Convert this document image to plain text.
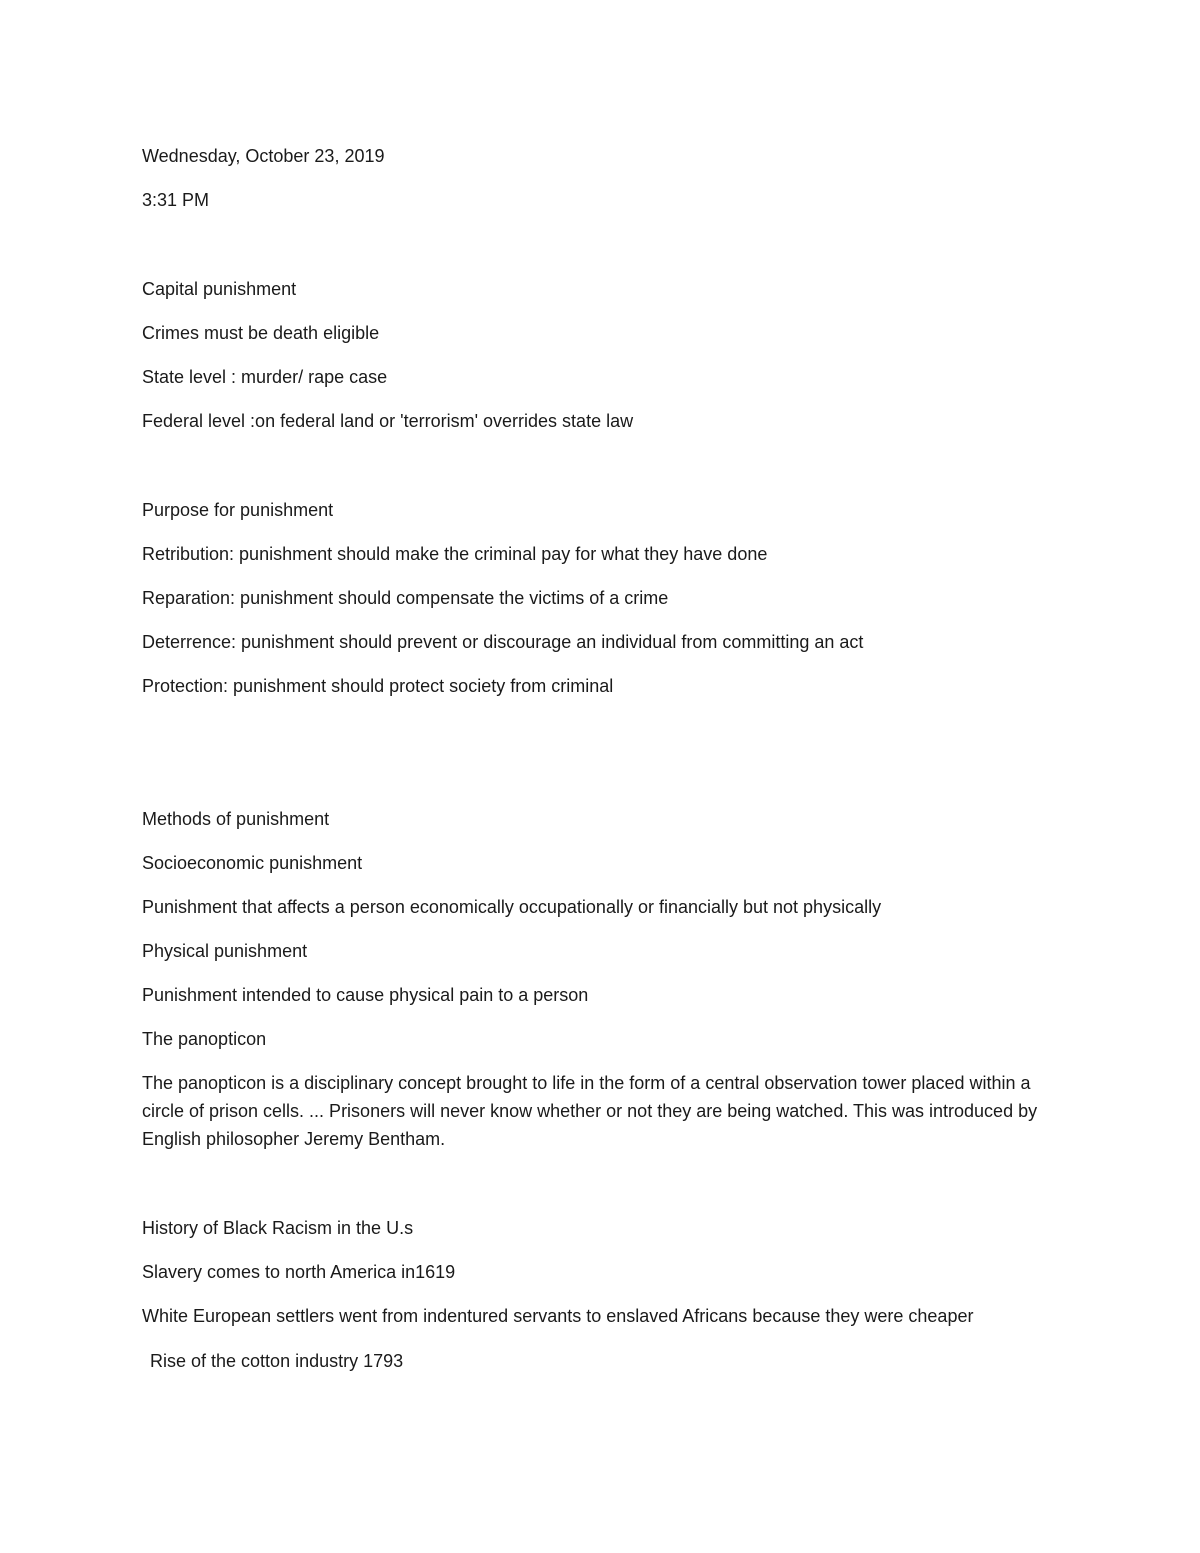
Wednesday, October 23, 2019
3:31 PM
Capital punishment
Crimes must be death eligible
State level : murder/ rape case
Federal level :on federal land or 'terrorism' overrides state law
Purpose for punishment
Retribution: punishment should make the criminal pay for what they have done
Reparation: punishment should compensate the victims of a crime
Deterrence: punishment should prevent or discourage an individual from committing an act
Protection: punishment should protect society from criminal
Methods of punishment
Socioeconomic punishment
Punishment that affects a person economically occupationally or financially but not physically
Physical punishment
Punishment intended to cause physical pain to a person
The panopticon
The panopticon is a disciplinary concept brought to life in the form of a central observation tower placed within a circle of prison cells. ... Prisoners will never know whether or not they are being watched. This was introduced by English philosopher Jeremy Bentham.
History of Black Racism in the U.s
Slavery comes to north America in1619
White European settlers went from indentured servants to enslaved Africans because they were cheaper
Rise of the cotton industry 1793
